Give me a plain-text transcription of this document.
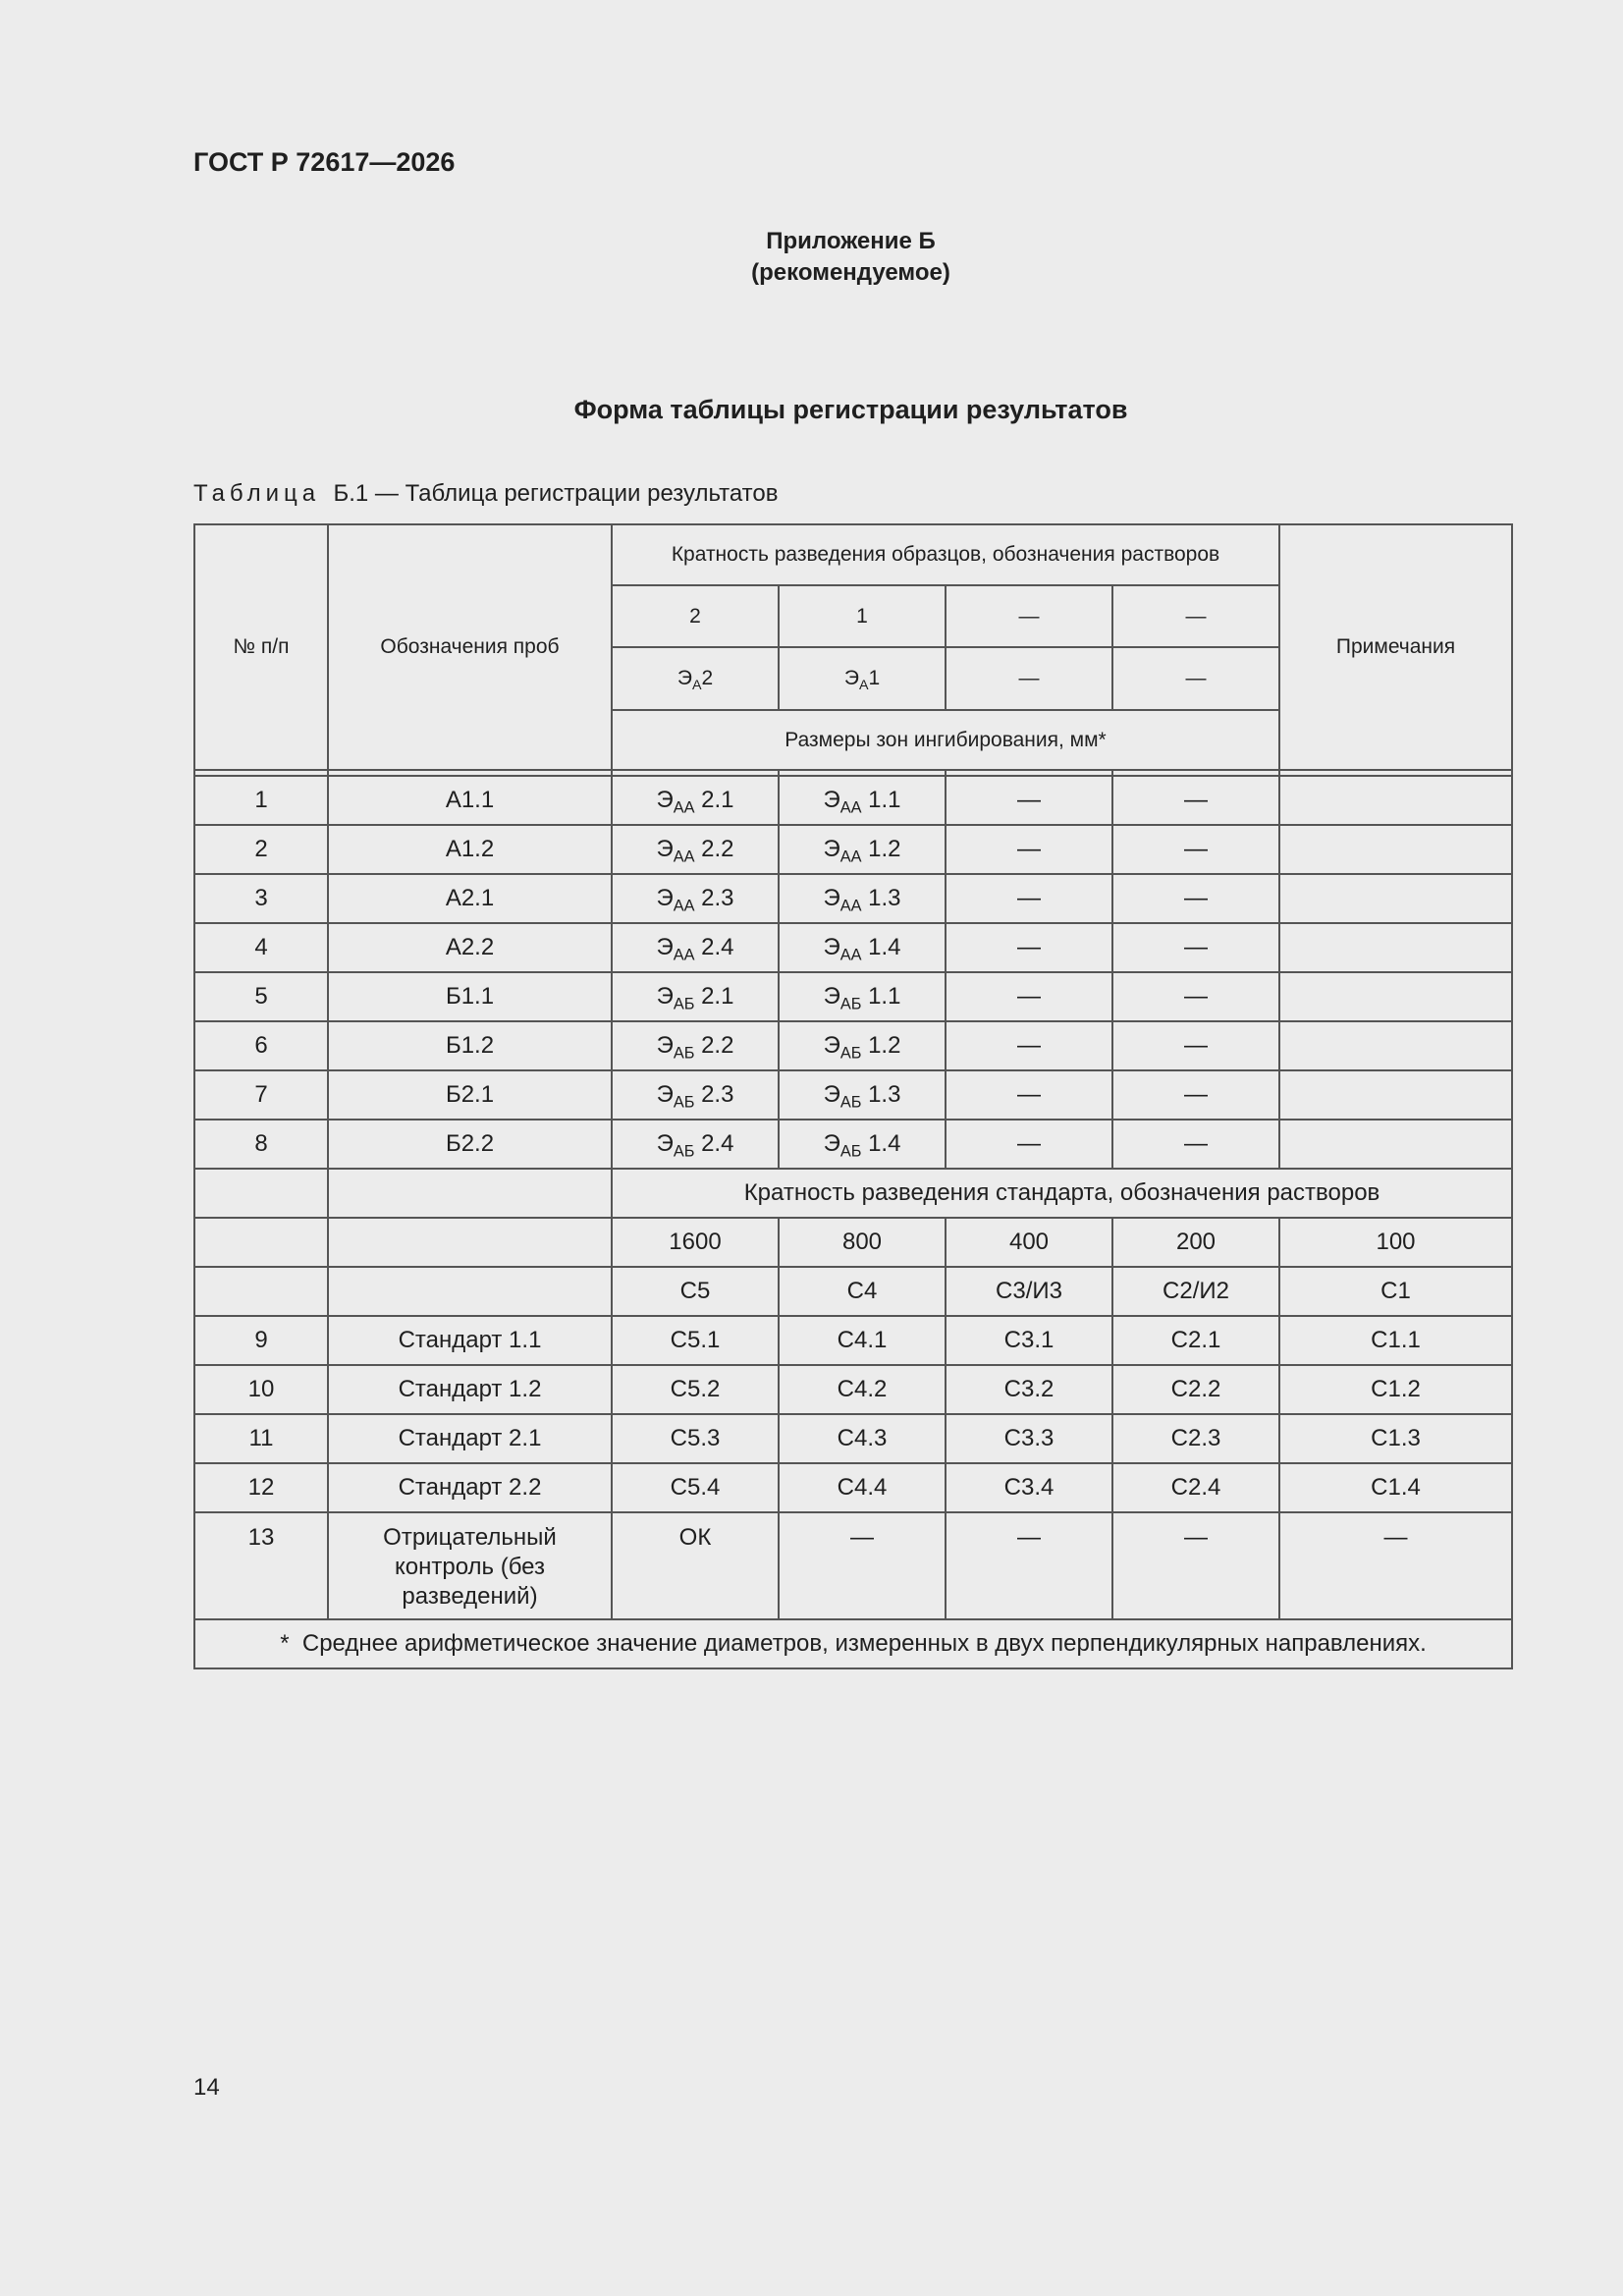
ГОСТ Р 72617—2026
Приложение Б
(рекомендуемое)
Форма таблицы регистрации результатов
Таблица Б.1 — Таблица регистрации результатов
№ п/п	Обозначения проб	Кратность разведения образцов, обозначения растворов				Примечания
		2	1	—	—	
		$Э_А2$	$Э_А1$	—	—	
		Размеры зон ингибирования, мм*				

1	А1.1	$Э_{АА}$ 2.1	$Э_{АА}$ 1.1	—	—	
2	А1.2	$Э_{АА}$ 2.2	$Э_{АА}$ 1.2	—	—	
3	А2.1	$Э_{АА}$ 2.3	$Э_{АА}$ 1.3	—	—	
4	А2.2	$Э_{АА}$ 2.4	$Э_{АА}$ 1.4	—	—	
5	Б1.1	$Э_{АБ}$ 2.1	$Э_{АБ}$ 1.1	—	—	
6	Б1.2	$Э_{АБ}$ 2.2	$Э_{АБ}$ 1.2	—	—	
7	Б2.1	$Э_{АБ}$ 2.3	$Э_{АБ}$ 1.3	—	—	
8	Б2.2	$Э_{АБ}$ 2.4	$Э_{АБ}$ 1.4	—	—	
		Кратность разведения стандарта, обозначения растворов				
		1600	800	400	200	100
		С5	С4	С3/И3	С2/И2	С1
9	Стандарт 1.1	С5.1	С4.1	С3.1	С2.1	С1.1
10	Стандарт 1.2	С5.2	С4.2	С3.2	С2.2	С1.2
11	Стандарт 2.1	С5.3	С4.3	С3.3	С2.3	С1.3
12	Стандарт 2.2	С5.4	С4.4	С3.4	С2.4	С1.4
13	Отрицательный
контроль (без
разведений)	ОК	—	—	—	—
* Среднее арифметическое значение диаметров, измеренных в двух перпендикулярных направлениях.						
14
